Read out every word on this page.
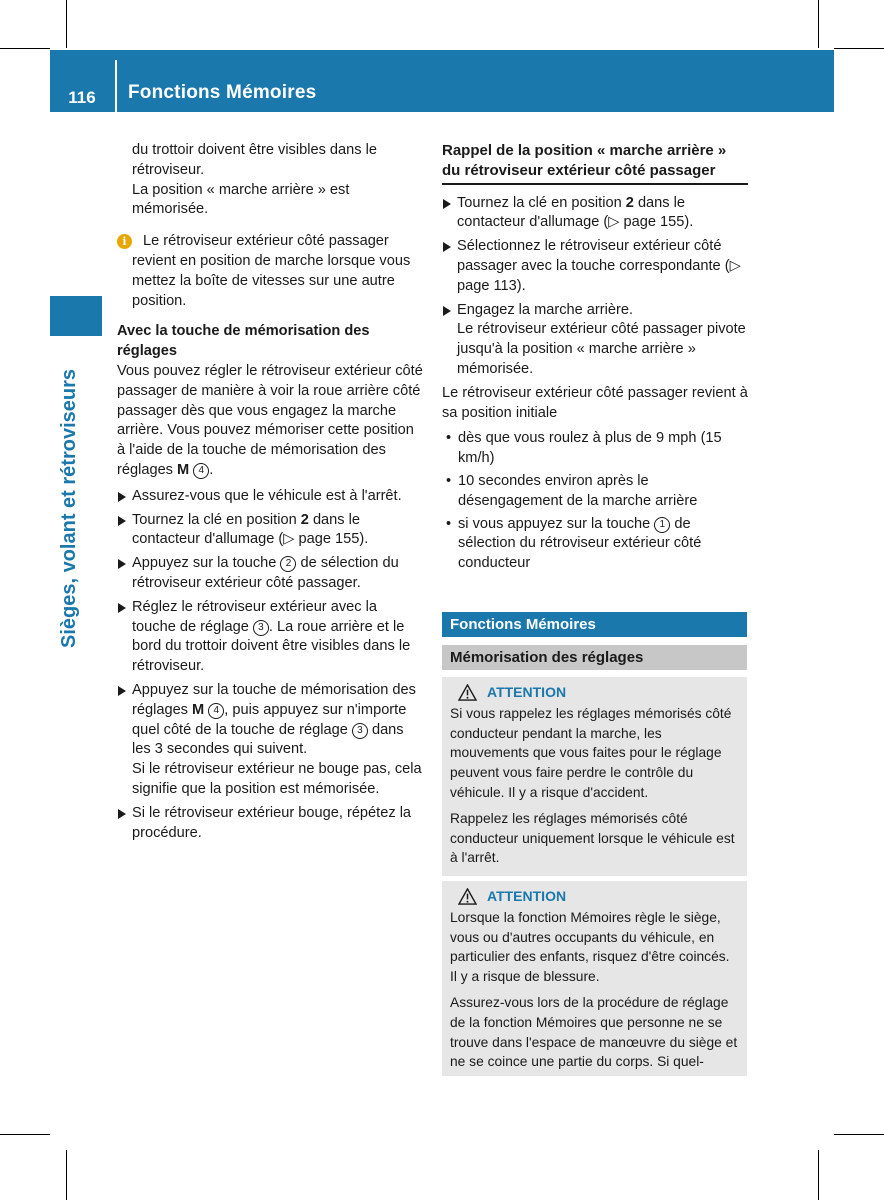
116	Fonctions Mémoires
Sièges, volant et rétroviseurs

du trottoir doivent être visibles dans le rétroviseur.

La position « marche arrière » est mémorisée.

i	Le rétroviseur extérieur côté passager revient en position de marche lorsque vous mettez la boîte de vitesses sur une autre position.

Avec la touche de mémorisation des réglages

Vous pouvez régler le rétroviseur extérieur côté passager de manière à voir la roue arrière côté passager dès que vous engagez la marche arrière. Vous pouvez mémoriser cette position à l'aide de la touche de mémorisation des réglages M 4 .

Assurez-vous que le véhicule est à l'arrêt.
Tournez la clé en position 2 dans le contacteur d'allumage (▷ page 155).
Appuyez sur la touche 2 de sélection du rétroviseur extérieur côté passager.
Réglez le rétroviseur extérieur avec la touche de réglage 3 . La roue arrière et le bord du trottoir doivent être visibles dans le rétroviseur.
Appuyez sur la touche de mémorisation des réglages M 4 , puis appuyez sur n'importe quel côté de la touche de réglage 3 dans les 3 secondes qui suivent.

Si le rétroviseur extérieur ne bouge pas, cela signifie que la position est mémorisée.

Si le rétroviseur extérieur bouge, répétez la procédure.
Rappel de la position « marche arrière » du rétroviseur extérieur côté passager
Tournez la clé en position 2 dans le contacteur d'allumage (▷ page 155).
Sélectionnez le rétroviseur extérieur côté passager avec la touche correspondante (▷ page 113).
Engagez la marche arrière.

Le rétroviseur extérieur côté passager pivote jusqu'à la position « marche arrière » mémorisée.

Le rétroviseur extérieur côté passager revient à sa position initiale

• dès que vous roulez à plus de 9 mph (15 km/h)
• 10 secondes environ après le désengagement de la marche arrière
• si vous appuyez sur la touche 1 de sélection du rétroviseur extérieur côté conducteur
Fonctions Mémoires
Mémorisation des réglages
ATTENTION

Si vous rappelez les réglages mémorisés côté conducteur pendant la marche, les mouvements que vous faites pour le réglage peuvent vous faire perdre le contrôle du véhicule. Il y a risque d'accident.

Rappelez les réglages mémorisés côté conducteur uniquement lorsque le véhicule est à l'arrêt.

ATTENTION

Lorsque la fonction Mémoires règle le siège, vous ou d'autres occupants du véhicule, en particulier des enfants, risquez d'être coincés. Il y a risque de blessure.

Assurez-vous lors de la procédure de réglage de la fonction Mémoires que personne ne se trouve dans l'espace de manœuvre du siège et ne se coince une partie du corps. Si quel-
